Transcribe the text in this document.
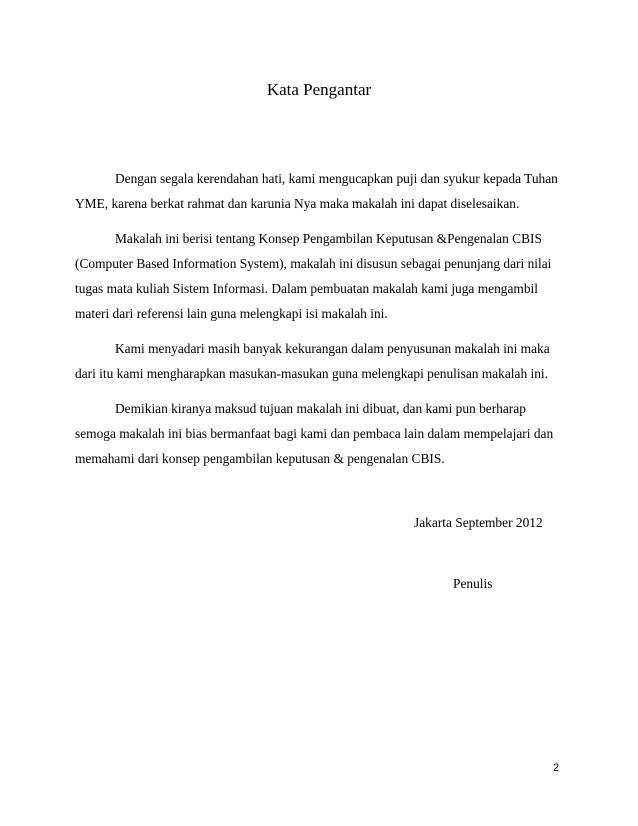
Kata Pengantar

Dengan segala kerendahan hati, kami mengucapkan puji dan syukur kepada Tuhan YME, karena berkat rahmat dan karunia Nya maka makalah ini dapat diselesaikan.

Makalah ini berisi tentang Konsep Pengambilan Keputusan &Pengenalan CBIS (Computer Based Information System), makalah ini disusun sebagai penunjang dari nilai tugas mata kuliah Sistem Informasi. Dalam pembuatan makalah kami juga mengambil materi dari referensi lain guna melengkapi isi makalah ini.

Kami menyadari masih banyak kekurangan dalam penyusunan makalah ini maka dari itu kami mengharapkan masukan-masukan guna melengkapi penulisan makalah ini.

Demikian kiranya maksud tujuan makalah ini dibuat, dan kami pun berharap semoga makalah ini bias bermanfaat bagi kami dan pembaca lain dalam mempelajari dan memahami dari konsep pengambilan keputusan & pengenalan CBIS.

Jakarta September 2012
Penulis
2
